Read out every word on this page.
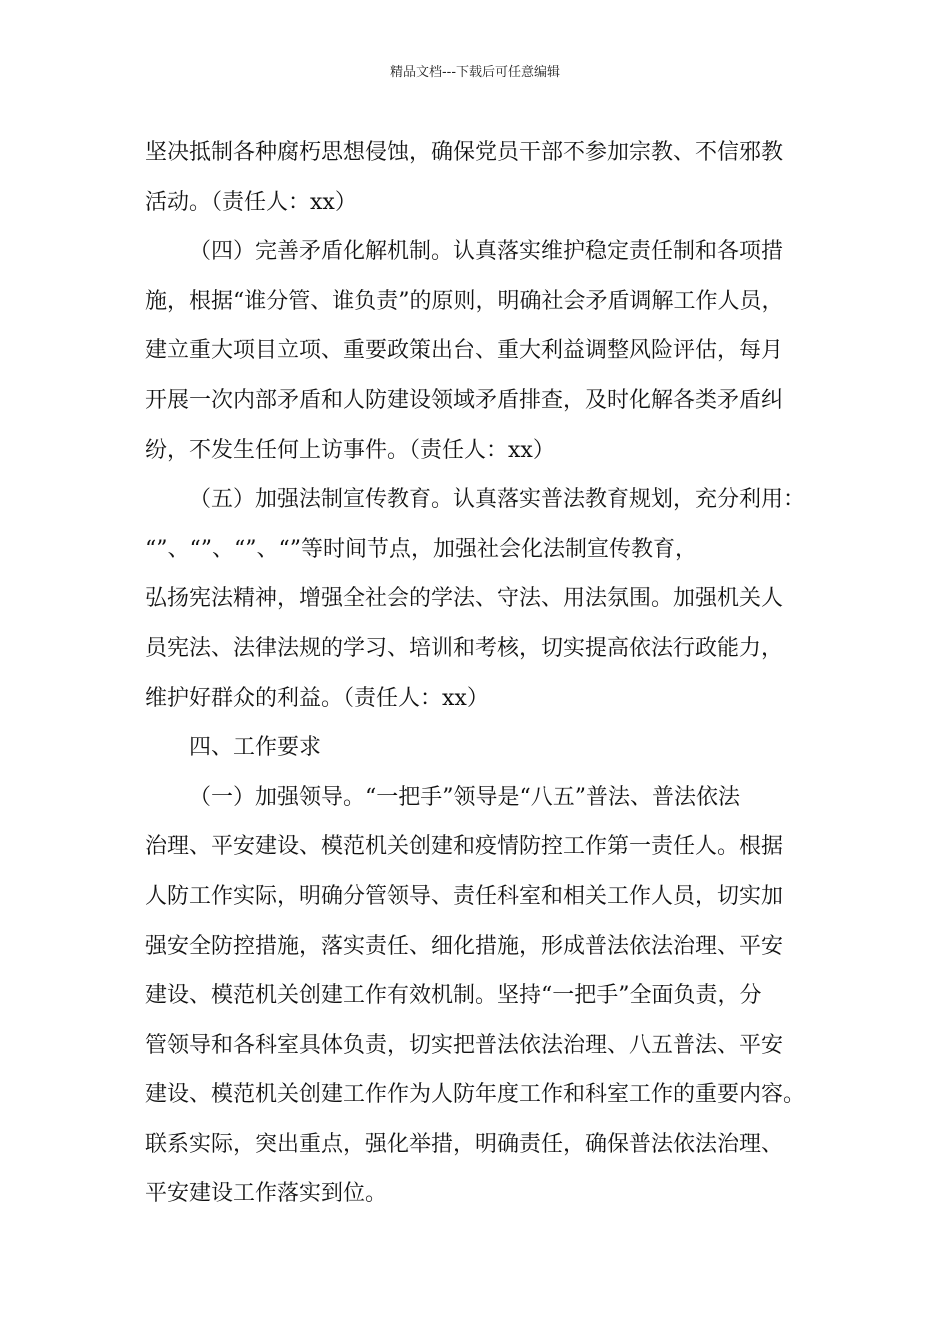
精品文档---下载后可任意编辑
坚决抵制各种腐朽思想侵蚀，确保党员干部不参加宗教、不信邪教
活动。（责任人：xx）
（四）完善矛盾化解机制。认真落实维护稳定责任制和各项措
施，根据“谁分管、谁负责”的原则，明确社会矛盾调解工作人员，
建立重大项目立项、重要政策出台、重大利益调整风险评估，每月
开展一次内部矛盾和人防建设领域矛盾排查，及时化解各类矛盾纠
纷，不发生任何上访事件。（责任人：xx）
（五）加强法制宣传教育。认真落实普法教育规划，充分利用：
“”、“”、“”、“”等时间节点，加强社会化法制宣传教育，
弘扬宪法精神，增强全社会的学法、守法、用法氛围。加强机关人
员宪法、法律法规的学习、培训和考核，切实提高依法行政能力，
维护好群众的利益。（责任人：xx）
四、工作要求
（一）加强领导。“一把手”领导是“八五”普法、普法依法
治理、平安建设、模范机关创建和疫情防控工作第一责任人。根据
人防工作实际，明确分管领导、责任科室和相关工作人员，切实加
强安全防控措施，落实责任、细化措施，形成普法依法治理、平安
建设、模范机关创建工作有效机制。坚持“一把手”全面负责，分
管领导和各科室具体负责，切实把普法依法治理、八五普法、平安
建设、模范机关创建工作作为人防年度工作和科室工作的重要内容。
联系实际，突出重点，强化举措，明确责任，确保普法依法治理、
平安建设工作落实到位。
